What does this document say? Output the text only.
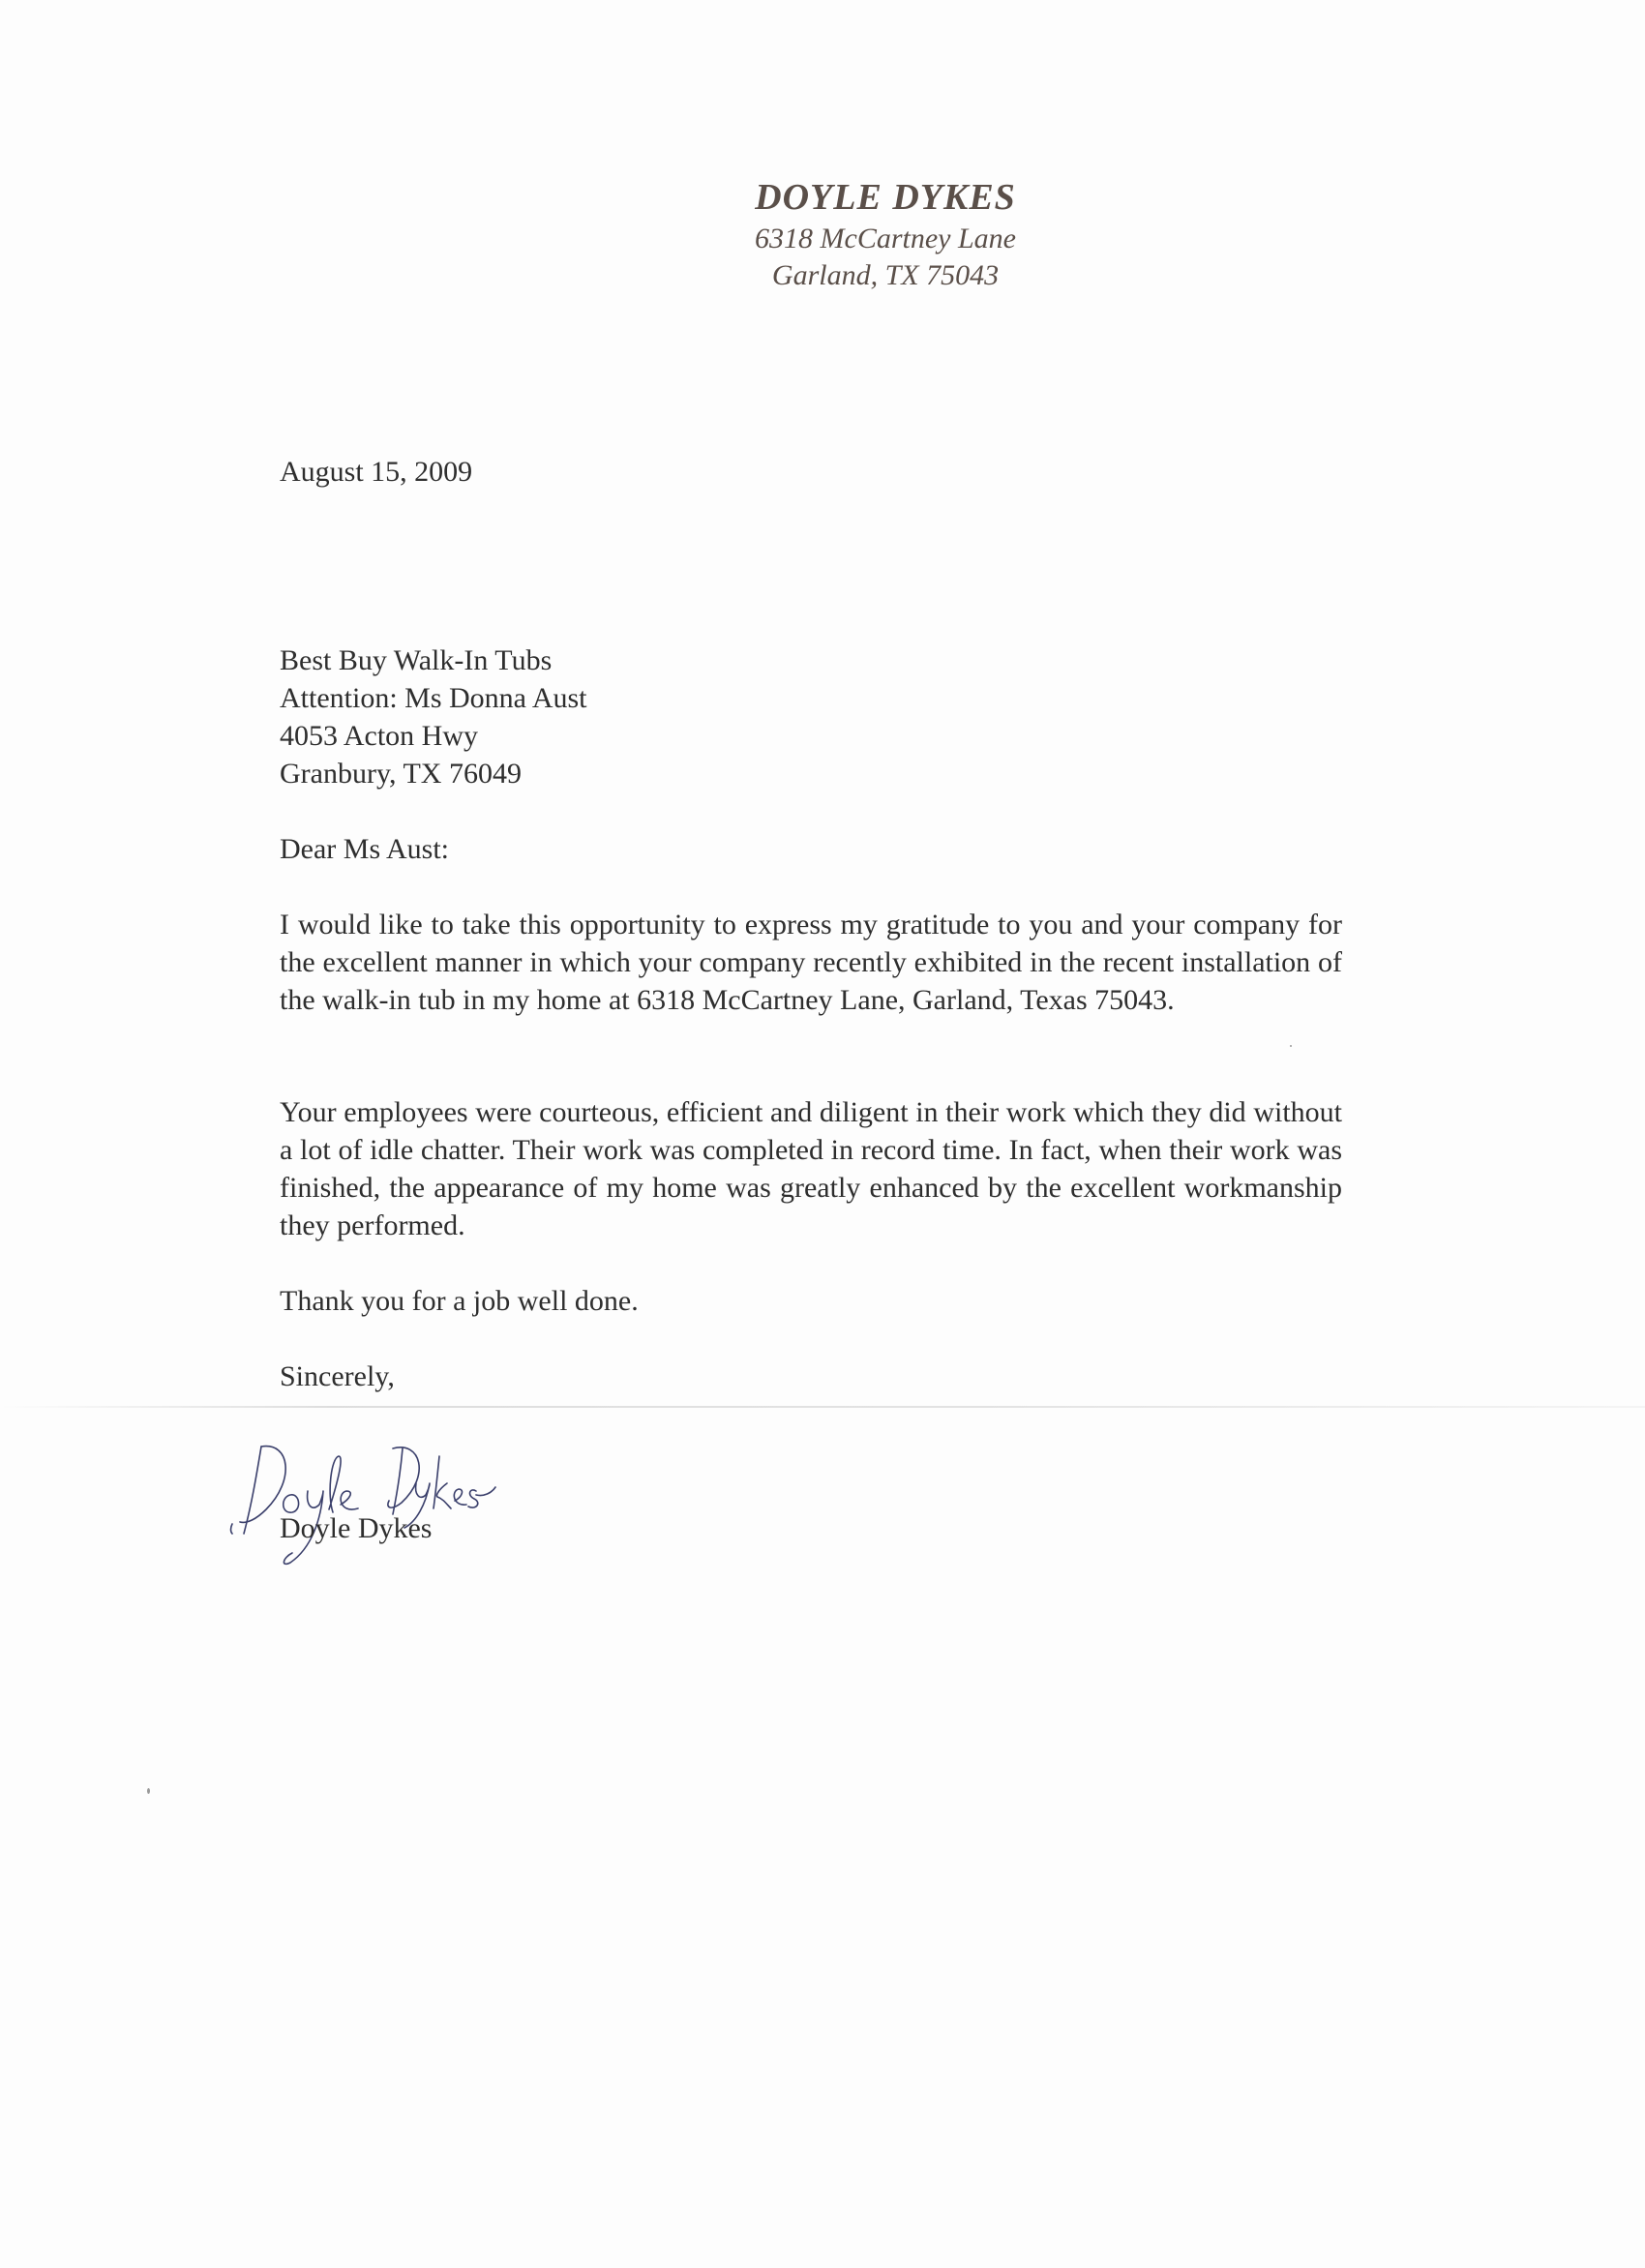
DOYLE DYKES
6318 McCartney Lane
Garland, TX 75043
August 15, 2009

Best Buy Walk-In Tubs

Attention: Ms Donna Aust

4053 Acton Hwy

Granbury, TX 76049

Dear Ms Aust:
I would like to take this opportunity to express my gratitude to you and your company for the excellent manner in which your company recently exhibited in the recent installation of the walk-in tub in my home at 6318 McCartney Lane, Garland, Texas 75043.
Your employees were courteous, efficient and diligent in their work which they did without a lot of idle chatter. Their work was completed in record time. In fact, when their work was finished, the appearance of my home was greatly enhanced by the excellent workmanship they performed.
Thank you for a job well done.
Sincerely,
Doyle Dykes
